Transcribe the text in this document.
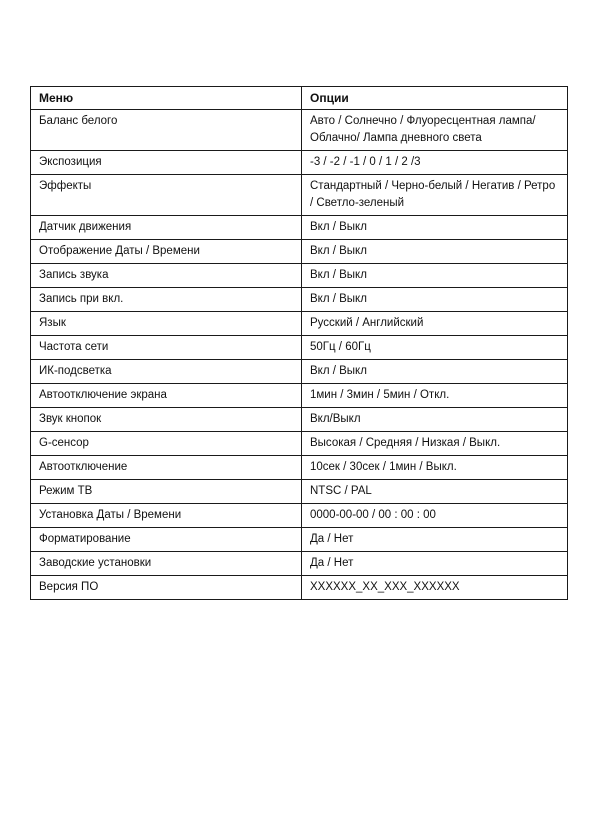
Меню	Опции
Баланс белого	Авто / Солнечно / Флуоресцентная лампа/ Облачно/ Лампа дневного света
Экспозиция	-3 / -2 / -1 / 0 / 1 / 2 /3
Эффекты	Стандартный / Черно-белый / Негатив / Ретро / Светло-зеленый
Датчик движения	Вкл / Выкл
Отображение Даты / Времени	Вкл / Выкл
Запись звука	Вкл / Выкл
Запись при вкл.	Вкл / Выкл
Язык	Русский / Английский
Частота сети	50Гц / 60Гц
ИК-подсветка	Вкл / Выкл
Автоотключение экрана	1мин / 3мин / 5мин / Откл.
Звук кнопок	Вкл/Выкл
G-сенсор	Высокая / Средняя / Низкая / Выкл.
Автоотключение	10сек / 30сек / 1мин / Выкл.
Режим ТВ	NTSC / PAL
Установка Даты / Времени	0000-00-00 / 00 : 00 : 00
Форматирование	Да / Нет
Заводские установки	Да / Нет
Версия ПО	XXXXXX_XX_XXX_XXXXXX
